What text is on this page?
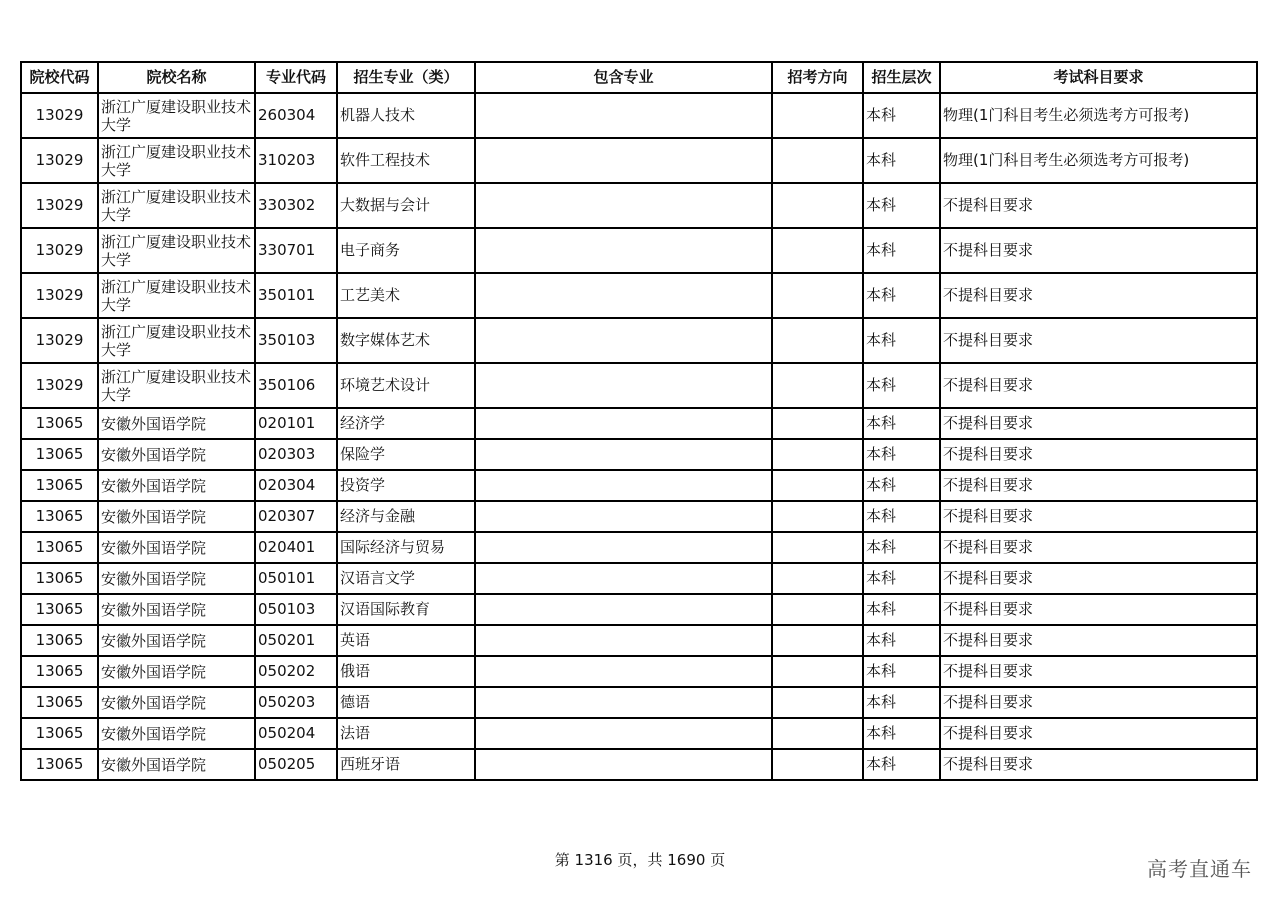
院校代码	院校名称	专业代码	招生专业（类）	包含专业	招考方向	招生层次	考试科目要求
13029	浙江广厦建设职业技术大学	260304	机器人技术			本科	物理(1门科目考生必须选考方可报考)
13029	浙江广厦建设职业技术大学	310203	软件工程技术			本科	物理(1门科目考生必须选考方可报考)
13029	浙江广厦建设职业技术大学	330302	大数据与会计			本科	不提科目要求
13029	浙江广厦建设职业技术大学	330701	电子商务			本科	不提科目要求
13029	浙江广厦建设职业技术大学	350101	工艺美术			本科	不提科目要求
13029	浙江广厦建设职业技术大学	350103	数字媒体艺术			本科	不提科目要求
13029	浙江广厦建设职业技术大学	350106	环境艺术设计			本科	不提科目要求
13065	安徽外国语学院	020101	经济学			本科	不提科目要求
13065	安徽外国语学院	020303	保险学			本科	不提科目要求
13065	安徽外国语学院	020304	投资学			本科	不提科目要求
13065	安徽外国语学院	020307	经济与金融			本科	不提科目要求
13065	安徽外国语学院	020401	国际经济与贸易			本科	不提科目要求
13065	安徽外国语学院	050101	汉语言文学			本科	不提科目要求
13065	安徽外国语学院	050103	汉语国际教育			本科	不提科目要求
13065	安徽外国语学院	050201	英语			本科	不提科目要求
13065	安徽外国语学院	050202	俄语			本科	不提科目要求
13065	安徽外国语学院	050203	德语			本科	不提科目要求
13065	安徽外国语学院	050204	法语			本科	不提科目要求
13065	安徽外国语学院	050205	西班牙语			本科	不提科目要求
第 1316 页，共 1690 页	高考直通车
